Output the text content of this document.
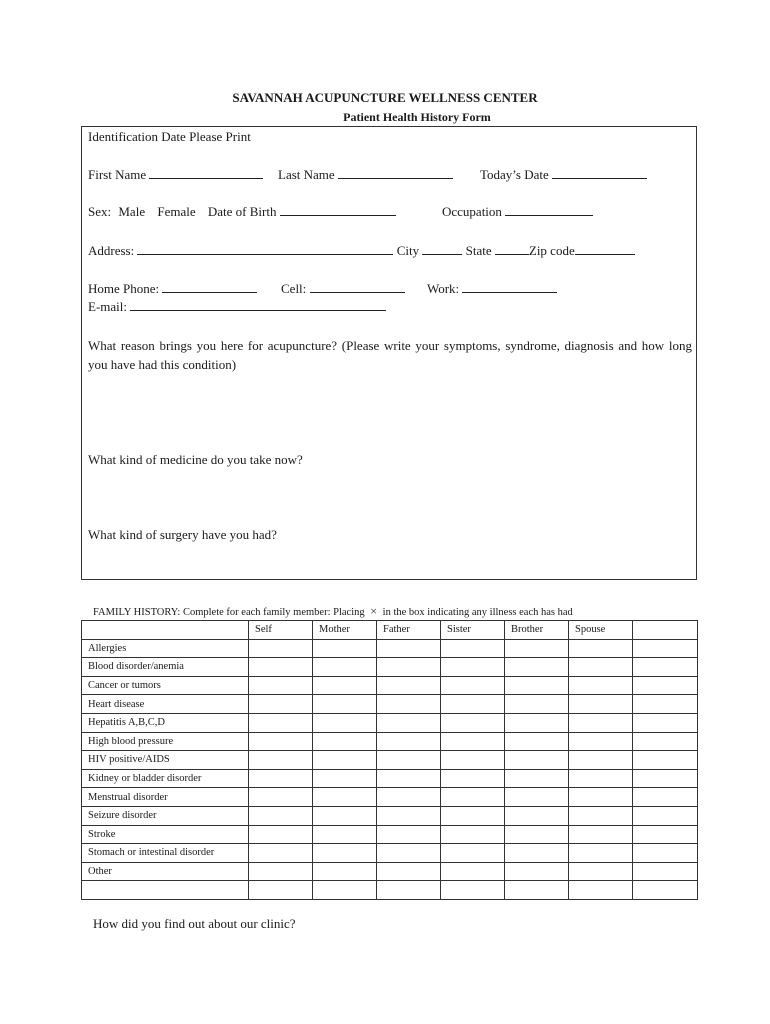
SAVANNAH ACUPUNCTURE WELLNESS CENTER
Patient Health History Form
Identification Date Please Print
First Name	Last Name	Today’s Date
Sex: Male Female Date of Birth	Occupation
Address:	City	State	Zip code
Home Phone:	Cell:	Work:
E-mail:
What reason brings you here for acupuncture? (Please write your symptoms, syndrome, diagnosis and how long you have had this condition)
What kind of medicine do you take now?
What kind of surgery have you had?
FAMILY HISTORY: Complete for each family member: Placing × in the box indicating any illness each has had
	Self	Mother	Father	Sister	Brother	Spouse	
Allergies							
Blood disorder/anemia							
Cancer or tumors							
Heart disease							
Hepatitis A,B,C,D							
High blood pressure							
HIV positive/AIDS							
Kidney or bladder disorder							
Menstrual disorder							
Seizure disorder							
Stroke							
Stomach or intestinal disorder							
Other							

How did you find out about our clinic?
